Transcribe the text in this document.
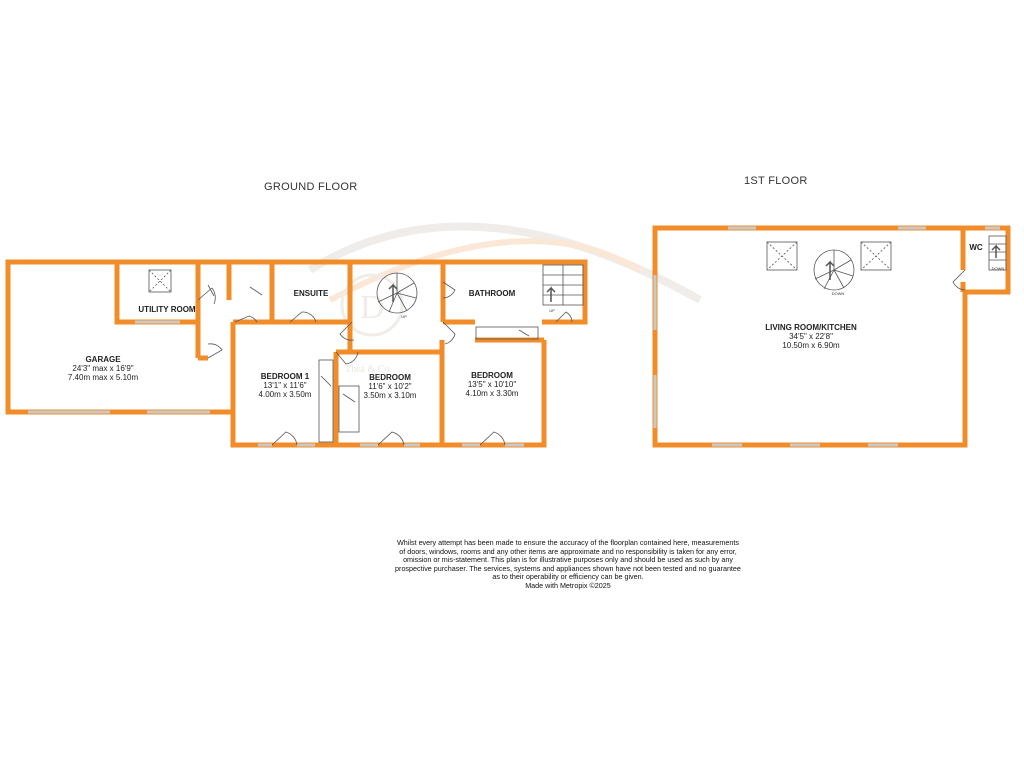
GROUND FLOOR	1ST FLOOR
D
Thea & Co
UP
UP
GARAGE
24'3" max x 16'9"
7.40m max x 5.10m
UTILITY ROOM
ENSUITE	BATHROOM
BEDROOM 1
13'1" x 11'6"
4.00m x 3.50m
BEDROOM
11'6" x 10'2"
3.50m x 3.10m
BEDROOM
13'5" x 10'10"
4.10m x 3.30m
DOWN
DOWN
WC
LIVING ROOM/KITCHEN
34'5" x 22'8"
10.50m x 6.90m
Whilst every attempt has been made to ensure the accuracy of the floorplan contained here, measurements
of doors, windows, rooms and any other items are approximate and no responsibility is taken for any error,
omission or mis-statement. This plan is for illustrative purposes only and should be used as such by any
prospective purchaser. The services, systems and appliances shown have not been tested and no guarantee
as to their operability or efficiency can be given.
Made with Metropix ©2025
